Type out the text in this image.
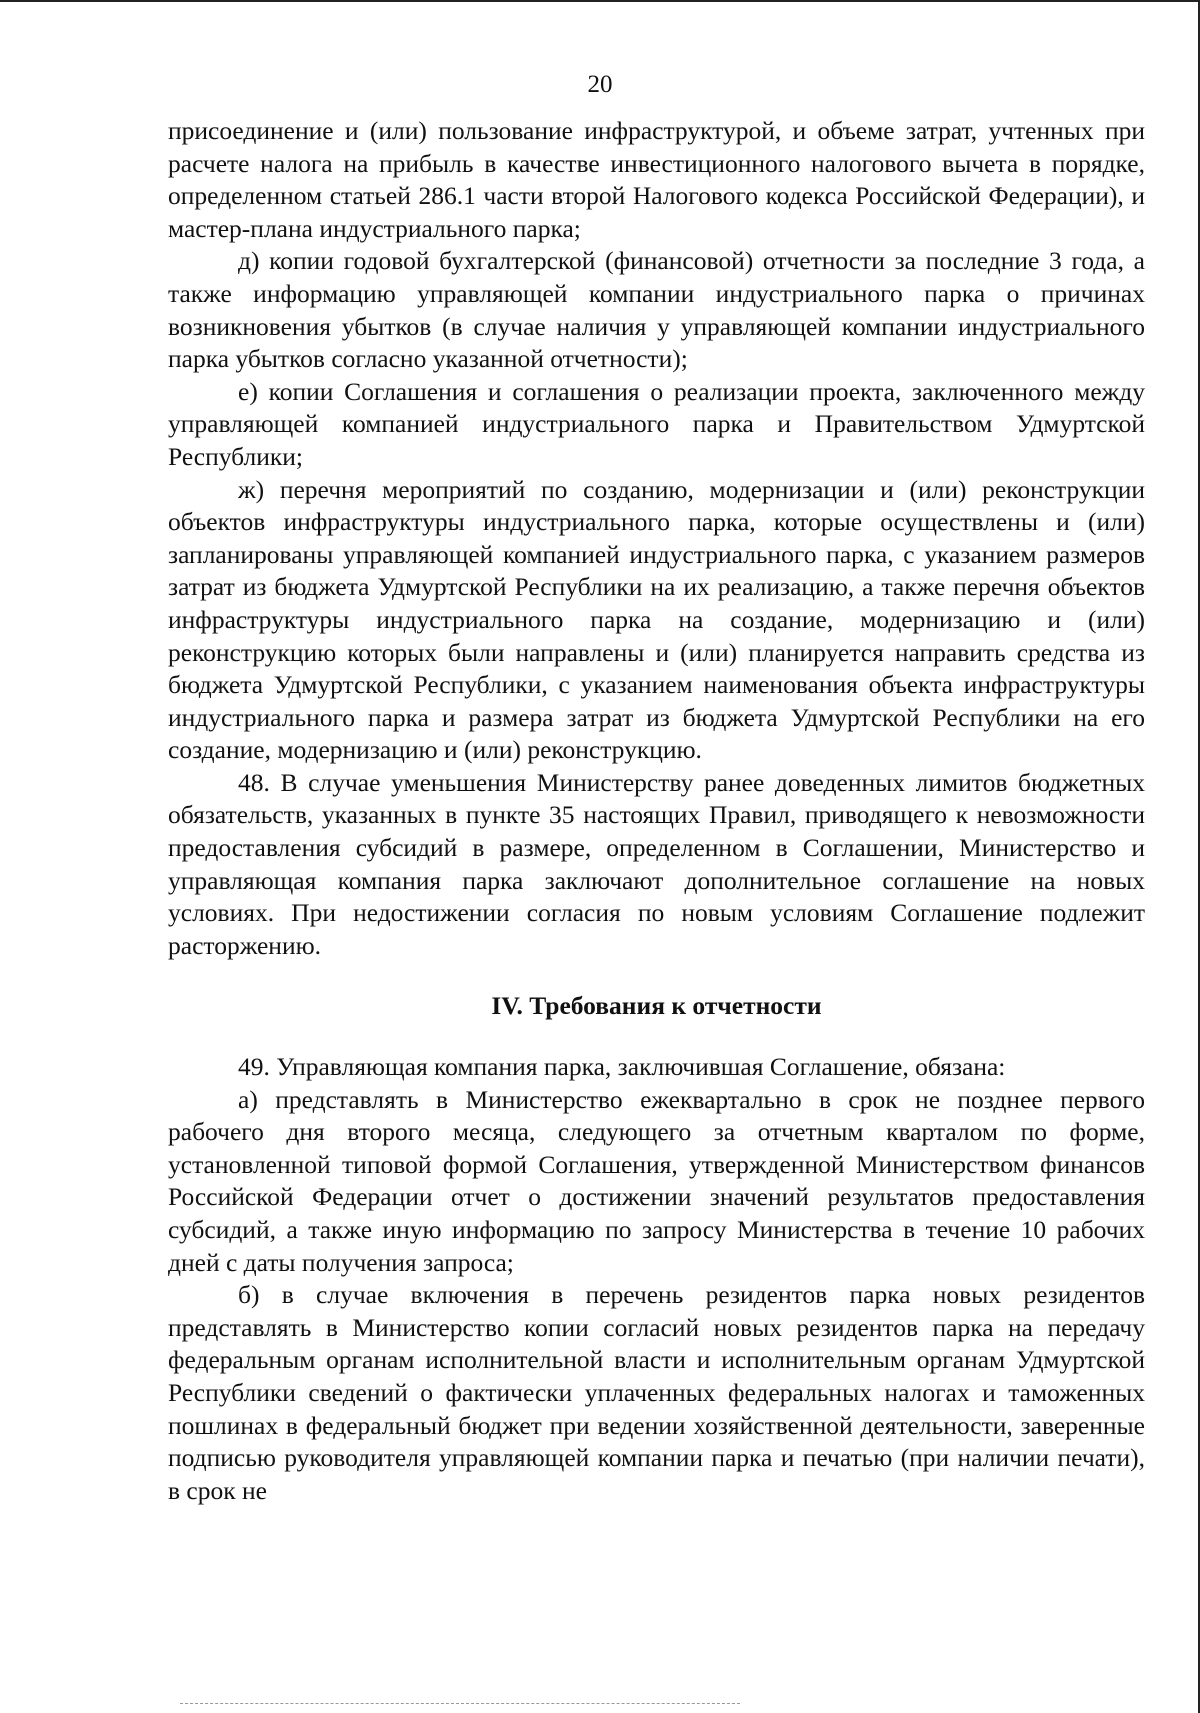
20

присоединение и (или) пользование инфраструктурой, и объеме затрат, учтенных при расчете налога на прибыль в качестве инвестиционного налогового вычета в порядке, определенном статьей 286.1 части второй Налогового кодекса Российской Федерации), и мастер-плана индустриального парка;

д) копии годовой бухгалтерской (финансовой) отчетности за последние 3 года, а также информацию управляющей компании индустриального парка о причинах возникновения убытков (в случае наличия у управляющей компании индустриального парка убытков согласно указанной отчетности);

е) копии Соглашения и соглашения о реализации проекта, заключенного между управляющей компанией индустриального парка и Правительством Удмуртской Республики;

ж) перечня мероприятий по созданию, модернизации и (или) реконструкции объектов инфраструктуры индустриального парка, которые осуществлены и (или) запланированы управляющей компанией индустриального парка, с указанием размеров затрат из бюджета Удмуртской Республики на их реализацию, а также перечня объектов инфраструктуры индустриального парка на создание, модернизацию и (или) реконструкцию которых были направлены и (или) планируется направить средства из бюджета Удмуртской Республики, с указанием наименования объекта инфраструктуры индустриального парка и размера затрат из бюджета Удмуртской Республики на его создание, модернизацию и (или) реконструкцию.

48. В случае уменьшения Министерству ранее доведенных лимитов бюджетных обязательств, указанных в пункте 35 настоящих Правил, приводящего к невозможности предоставления субсидий в размере, определенном в Соглашении, Министерство и управляющая компания парка заключают дополнительное соглашение на новых условиях. При недостижении согласия по новым условиям Соглашение подлежит расторжению.

IV. Требования к отчетности

49. Управляющая компания парка, заключившая Соглашение, обязана:

а) представлять в Министерство ежеквартально в срок не позднее первого рабочего дня второго месяца, следующего за отчетным кварталом по форме, установленной типовой формой Соглашения, утвержденной Министерством финансов Российской Федерации отчет о достижении значений результатов предоставления субсидий, а также иную информацию по запросу Министерства в течение 10 рабочих дней с даты получения запроса;

б) в случае включения в перечень резидентов парка новых резидентов представлять в Министерство копии согласий новых резидентов парка на передачу федеральным органам исполнительной власти и исполнительным органам Удмуртской Республики сведений о фактически уплаченных федеральных налогах и таможенных пошлинах в федеральный бюджет при ведении хозяйственной деятельности, заверенные подписью руководителя управляющей компании парка и печатью (при наличии печати), в срок не
